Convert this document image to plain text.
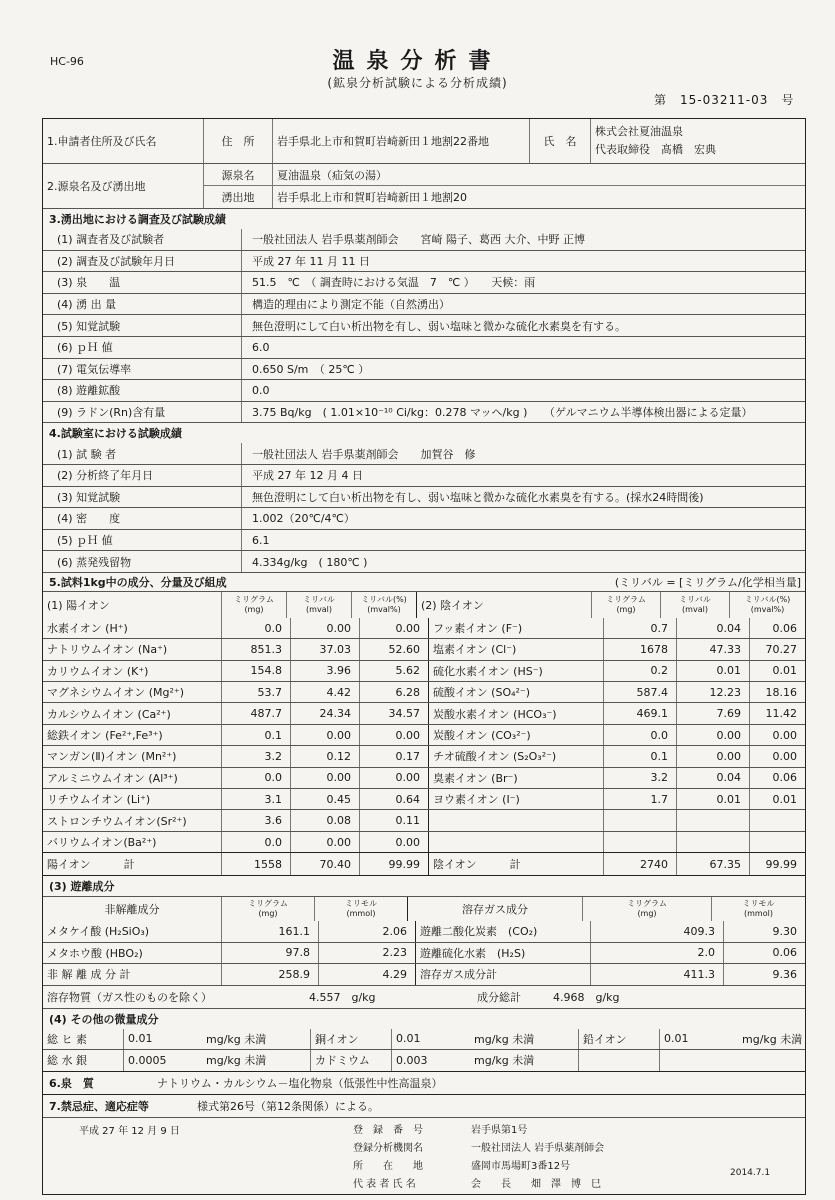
HC-96	温泉分析書
(鉱泉分析試験による分析成績)
第　15-03211-03　号
1.申請者住所及び氏名	住　所	岩手県北上市和賀町岩崎新田１地割22番地	氏　名
株式会社夏油温泉
代表取締役　髙橋　宏典
2.源泉名及び湧出地
源泉名	夏油温泉（疝気の湯）
湧出地	岩手県北上市和賀町岩崎新田１地割20
3.湧出地における調査及び試験成績
(1) 調査者及び試験者	一般社団法人 岩手県薬剤師会　　宮崎 陽子、葛西 大介、中野 正博
(2) 調査及び試験年月日	平成 27 年 11 月 11 日
(3) 泉　　温	51.5　℃　（ 調査時における気温　7　℃ ）　　天候：雨
(4) 湧 出 量	構造的理由により測定不能（自然湧出）
(5) 知覚試験	無色澄明にして白い析出物を有し、弱い塩味と微かな硫化水素臭を有する。
(6) ｐＨ 値	6.0
(7) 電気伝導率	0.650 S/m　（ 25℃ ）
(8) 遊離鉱酸	0.0
(9) ラドン(Rn)含有量	3.75 Bq/kg　( 1.01×10⁻¹⁰ Ci/kg：0.278 マッヘ/kg )　　（ゲルマニウム半導体検出器による定量）
4.試験室における試験成績
(1) 試 験 者	一般社団法人 岩手県薬剤師会　　加賀谷　修
(2) 分析終了年月日	平成 27 年 12 月 4 日
(3) 知覚試験	無色澄明にして白い析出物を有し、弱い塩味と微かな硫化水素臭を有する。(採水24時間後)
(4) 密　　度	1.002（20℃/4℃）
(5) ｐＨ 値	6.1
(6) 蒸発残留物	4.334g/kg　( 180℃ )
5.試料1kg中の成分、分量及び組成	(ミリバル = [ミリグラム/化学相当量]
(1) 陽イオン	ミリグラム
(mg)
ミリバル
(mval)
ミリバル(%)
(mval%)	(2) 陰イオン	ミリグラム
(mg)
ミリバル
(mval)
ミリバル(%)
(mval%)
水素イオン (H⁺)	0.0	0.00	0.00	フッ素イオン (F⁻)	0.7	0.04	0.06
ナトリウムイオン (Na⁺)	851.3	37.03	52.60	塩素イオン (Cl⁻)	1678	47.33	70.27
カリウムイオン (K⁺)	154.8	3.96	5.62	硫化水素イオン (HS⁻)	0.2	0.01	0.01
マグネシウムイオン (Mg²⁺)	53.7	4.42	6.28	硫酸イオン (SO₄²⁻)	587.4	12.23	18.16
カルシウムイオン (Ca²⁺)	487.7	24.34	34.57	炭酸水素イオン (HCO₃⁻)	469.1	7.69	11.42
総鉄イオン (Fe²⁺,Fe³⁺)	0.1	0.00	0.00	炭酸イオン (CO₃²⁻)	0.0	0.00	0.00
マンガン(Ⅱ)イオン (Mn²⁺)	3.2	0.12	0.17	チオ硫酸イオン (S₂O₃²⁻)	0.1	0.00	0.00
アルミニウムイオン (Al³⁺)	0.0	0.00	0.00	臭素イオン (Br⁻)	3.2	0.04	0.06
リチウムイオン (Li⁺)	3.1	0.45	0.64	ヨウ素イオン (I⁻)	1.7	0.01	0.01
ストロンチウムイオン(Sr²⁺)	3.6	0.08	0.11
バリウムイオン(Ba²⁺)	0.0	0.00	0.00
陽イオン　　　計	1558	70.40	99.99	陰イオン　　　計	2740	67.35	99.99
(3) 遊離成分
非解離成分	ミリグラム
(mg)
ミリモル
(mmol)	溶存ガス成分	ミリグラム
(mg)
ミリモル
(mmol)
メタケイ酸 (H₂SiO₃)	161.1	2.06	遊離二酸化炭素　(CO₂)	409.3	9.30
メタホウ酸 (HBO₂)	97.8	2.23	遊離硫化水素　(H₂S)	2.0	0.06
非 解 離 成 分 計	258.9	4.29	溶存ガス成分計	411.3	9.36
溶存物質（ガス性のものを除く）	4.557　g/kg	成分総計	4.968　g/kg
(4) その他の微量成分
総 ヒ 素	0.01	mg/kg 未満	銅イオン	0.01	mg/kg 未満	鉛イオン	0.01	mg/kg 未満
総 水 銀	0.0005	mg/kg 未満	カドミウム	0.003	mg/kg 未満
6.泉　質	ナトリウム・カルシウム－塩化物泉（低張性中性高温泉）
7.禁忌症、適応症等	様式第26号（第12条関係）による。
平成 27 年 12 月 9 日	登　録　番　号	岩手県第1号
登録分析機関名	一般社団法人 岩手県薬剤師会
所　　在　　地	盛岡市馬場町3番12号
代 表 者 氏 名	会　　長　　畑　澤　博　巳
2014.7.1
